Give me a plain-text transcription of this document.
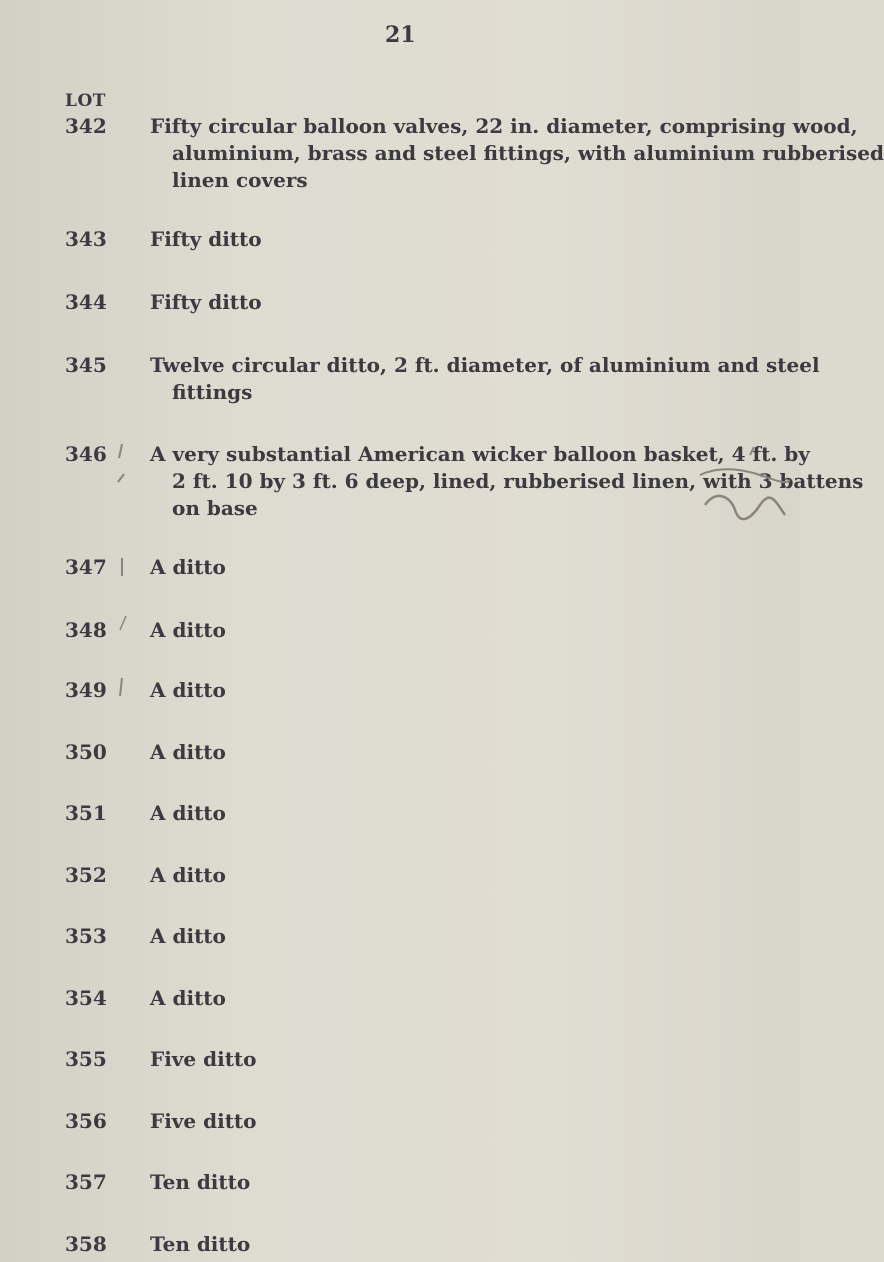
21
LOT
342	Fifty circular balloon valves, 22 in. diameter, comprising wood,
aluminium, brass and steel fittings, with aluminium rubberised
linen covers
343	Fifty ditto
344	Fifty ditto
345	Twelve circular ditto, 2 ft. diameter, of aluminium and steel
fittings
346	A very substantial American wicker balloon basket, 4 ft. by
2 ft. 10 by 3 ft. 6 deep, lined, rubberised linen, with 3 battens
on base
347	A ditto
348	A ditto
349	A ditto
350	A ditto
351	A ditto
352	A ditto
353	A ditto
354	A ditto
355	Five ditto
356	Five ditto
357	Ten ditto
358	Ten ditto
